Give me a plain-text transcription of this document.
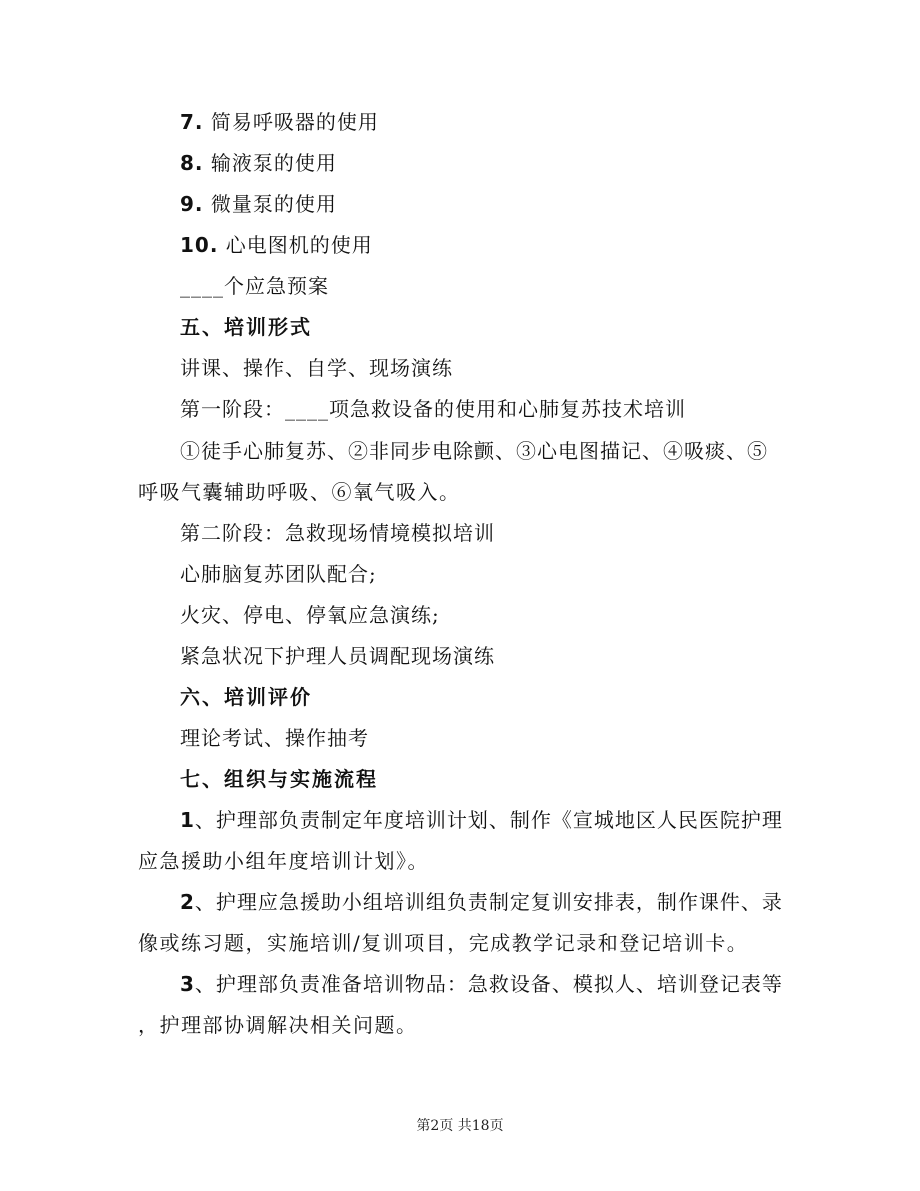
7. 简易呼吸器的使用
8. 输液泵的使用
9. 微量泵的使用
10. 心电图机的使用
____个应急预案
五、培训形式
讲课、操作、自学、现场演练
第一阶段：____项急救设备的使用和心肺复苏技术培训
①徒手心肺复苏、②非同步电除颤、③心电图描记、④吸痰、⑤
呼吸气囊辅助呼吸、⑥氧气吸入。
第二阶段：急救现场情境模拟培训
心肺脑复苏团队配合;
火灾、停电、停氧应急演练;
紧急状况下护理人员调配现场演练
六、培训评价
理论考试、操作抽考
七、组织与实施流程
1、护理部负责制定年度培训计划、制作《宣城地区人民医院护理
应急援助小组年度培训计划》。
2、护理应急援助小组培训组负责制定复训安排表，制作课件、录
像或练习题，实施培训/复训项目，完成教学记录和登记培训卡。
3、护理部负责准备培训物品：急救设备、模拟人、培训登记表等
，护理部协调解决相关问题。
第2页 共18页
